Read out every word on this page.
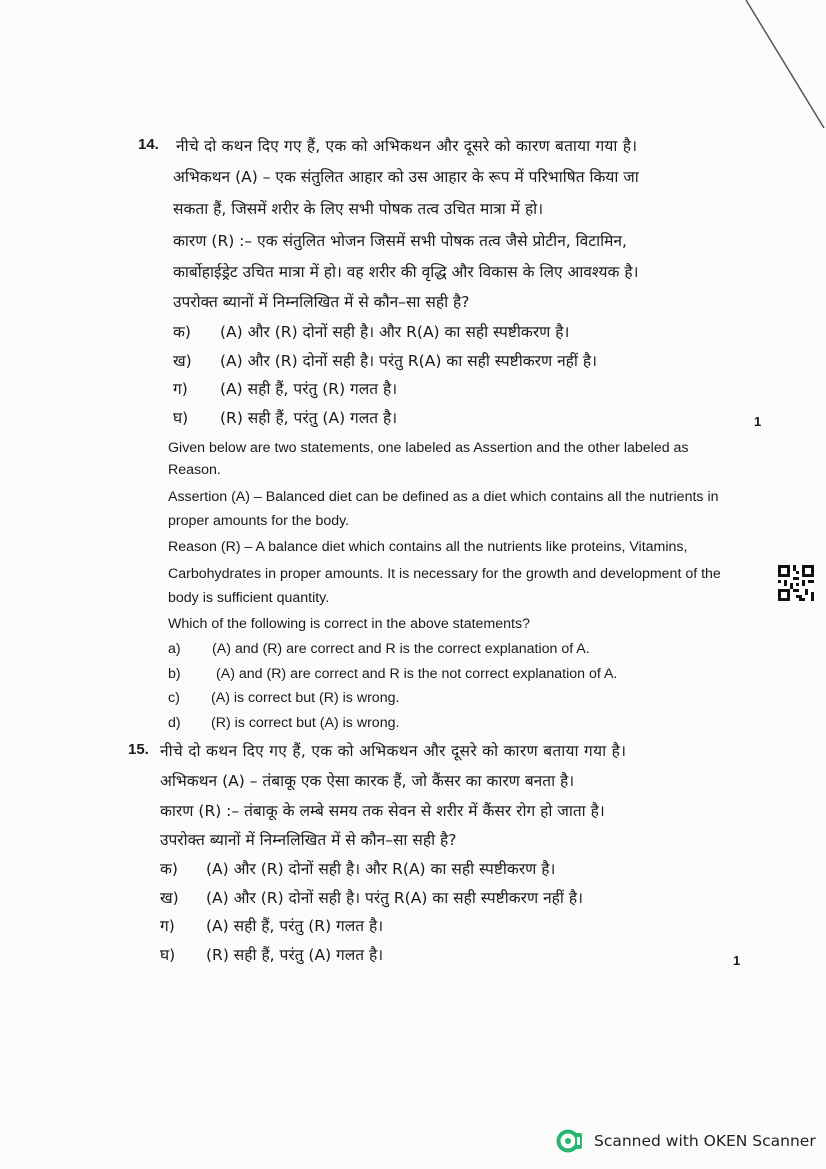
14. नीचे दो कथन दिए गए हैं, एक को अभिकथन और दूसरे को कारण बताया गया है।
अभिकथन (A) – एक संतुलित आहार को उस आहार के रूप में परिभाषित किया जा
सकता हैं, जिसमें शरीर के लिए सभी पोषक तत्व उचित मात्रा में हो।
कारण (R) :– एक संतुलित भोजन जिसमें सभी पोषक तत्व जैसे प्रोटीन, विटामिन,
कार्बोहाईड्रेट उचित मात्रा में हो। वह शरीर की वृद्धि और विकास के लिए आवश्यक है।
उपरोक्त ब्यानों में निम्नलिखित में से कौन–सा सही है?
क) (A) और (R) दोनों सही है। और R(A) का सही स्पष्टीकरण है।
ख) (A) और (R) दोनों सही है। परंतु R(A) का सही स्पष्टीकरण नहीं है।
ग) (A) सही हैं, परंतु (R) गलत है।
घ) (R) सही हैं, परंतु (A) गलत है।	1
Given below are two statements, one labeled as Assertion and the other labeled as
Reason.
Assertion (A) – Balanced diet can be defined as a diet which contains all the nutrients in
proper amounts for the body.
Reason (R) – A balance diet which contains all the nutrients like proteins, Vitamins,
Carbohydrates in proper amounts. It is necessary for the growth and development of the
body is sufficient quantity.
Which of the following is correct in the above statements?
a) (A) and (R) are correct and R is the correct explanation of A.
b) (A) and (R) are correct and R is the not correct explanation of A.
c) (A) is correct but (R) is wrong.
d) (R) is correct but (A) is wrong.
15. नीचे दो कथन दिए गए हैं, एक को अभिकथन और दूसरे को कारण बताया गया है।
अभिकथन (A) – तंबाकू एक ऐसा कारक हैं, जो कैंसर का कारण बनता है।
कारण (R) :– तंबाकू के लम्बे समय तक सेवन से शरीर में कैंसर रोग हो जाता है।
उपरोक्त ब्यानों में निम्नलिखित में से कौन–सा सही है?
क) (A) और (R) दोनों सही है। और R(A) का सही स्पष्टीकरण है।
ख) (A) और (R) दोनों सही है। परंतु R(A) का सही स्पष्टीकरण नहीं है।
ग) (A) सही हैं, परंतु (R) गलत है।
घ) (R) सही हैं, परंतु (A) गलत है।	1
Scanned with OKEN Scanner
